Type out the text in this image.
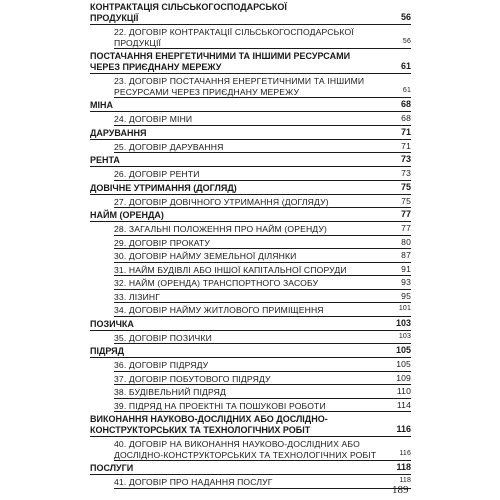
КОНТРАКТАЦІЯ СІЛЬСЬКОГОСПОДАРСЬКОЇ
ПРОДУКЦІЇ	56
22. ДОГОВІР КОНТРАКТАЦІЇ СІЛЬСЬКОГОСПОДАРСЬКОЇ
ПРОДУКЦІЇ	56
ПОСТАЧАННЯ ЕНЕРГЕТИЧНИМИ ТА ІНШИМИ РЕСУРСАМИ
ЧЕРЕЗ ПРИЄДНАНУ МЕРЕЖУ	61
23. ДОГОВІР ПОСТАЧАННЯ ЕНЕРГЕТИЧНИМИ ТА ІНШИМИ
РЕСУРСАМИ ЧЕРЕЗ ПРИЄДНАНУ МЕРЕЖУ	61
МІНА	68
24. ДОГОВІР МІНИ	68
ДАРУВАННЯ	71
25. ДОГОВІР ДАРУВАННЯ	71
РЕНТА	73
26. ДОГОВІР РЕНТИ	73
ДОВІЧНЕ УТРИМАННЯ (ДОГЛЯД)	75
27. ДОГОВІР ДОВІЧНОГО УТРИМАННЯ (ДОГЛЯДУ)	75
НАЙМ (ОРЕНДА)	77
28. ЗАГАЛЬНІ ПОЛОЖЕННЯ ПРО НАЙМ (ОРЕНДУ)	77
29. ДОГОВІР ПРОКАТУ	80
30. ДОГОВІР НАЙМУ ЗЕМЕЛЬНОЇ ДІЛЯНКИ	87
31. НАЙМ БУДІВЛІ АБО ІНШОЇ КАПІТАЛЬНОЇ СПОРУДИ	91
32. НАЙМ (ОРЕНДА) ТРАНСПОРТНОГО ЗАСОБУ	93
33. ЛІЗИНГ	95
34. ДОГОВІР НАЙМУ ЖИТЛОВОГО ПРИМІЩЕННЯ	101
ПОЗИЧКА	103
35. ДОГОВІР ПОЗИЧКИ	103
ПІДРЯД	105
36. ДОГОВІР ПІДРЯДУ	105
37. ДОГОВІР ПОБУТОВОГО ПІДРЯДУ	109
38. БУДІВЕЛЬНИЙ ПІДРЯД	110
39. ПІДРЯД НА ПРОЕКТНІ ТА ПОШУКОВІ РОБОТИ	114
ВИКОНАННЯ НАУКОВО-ДОСЛІДНИХ АБО ДОСЛІДНО-
КОНСТРУКТОРСЬКИХ ТА ТЕХНОЛОГІЧНИХ РОБІТ	116
40. ДОГОВІР НА ВИКОНАННЯ НАУКОВО-ДОСЛІДНИХ АБО
ДОСЛІДНО-КОНСТРУКТОРСЬКИХ ТА ТЕХНОЛОГІЧНИХ РОБІТ	116
ПОСЛУГИ	118
41. ДОГОВІР ПРО НАДАННЯ ПОСЛУГ	118
189
